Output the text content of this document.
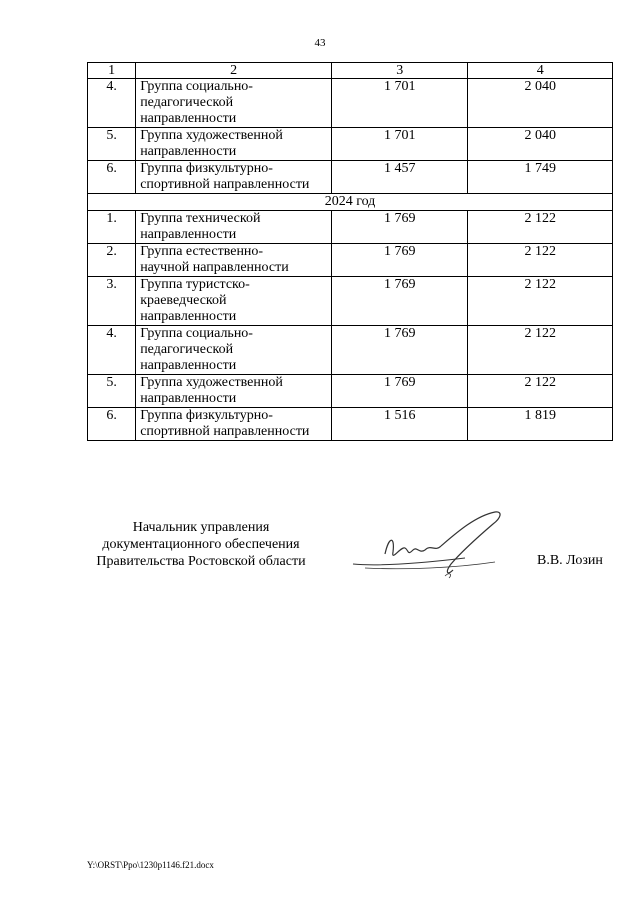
43
1	2	3	4
4.	Группа социально-
педагогической
направленности	1 701	2 040
5.	Группа художественной
направленности	1 701	2 040
6.	Группа физкультурно-
спортивной направленности	1 457	1 749
2024 год			
1.	Группа технической
направленности	1 769	2 122
2.	Группа естественно-
научной направленности	1 769	2 122
3.	Группа туристско-
краеведческой
направленности	1 769	2 122
4.	Группа социально-
педагогической
направленности	1 769	2 122
5.	Группа художественной
направленности	1 769	2 122
6.	Группа физкультурно-
спортивной направленности	1 516	1 819
Начальник управления
документационного обеспечения
Правительства Ростовской области	В.В. Лозин
Y:\ORST\Ppo\1230p1146.f21.docx
